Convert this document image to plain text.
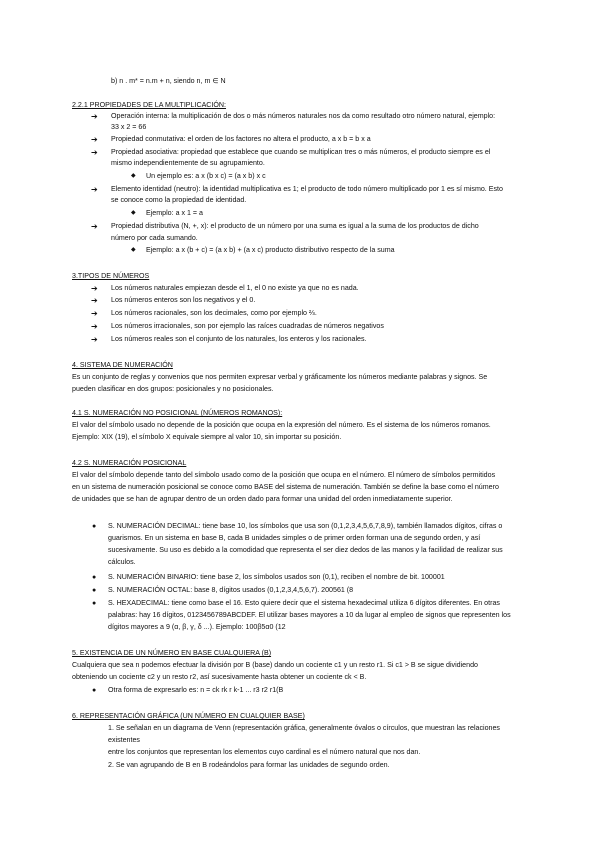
b) n . m* = n.m + n, siendo n, m ∈ N
2.2.1 PROPIEDADES DE LA MULTIPLICACIÓN:
➔ Operación interna: la multiplicación de dos o más números naturales nos da como resultado otro número natural, ejemplo:
33 x 2 = 66
➔ Propiedad conmutativa: el orden de los factores no altera el producto, a x b = b x a
➔ Propiedad asociativa: propiedad que establece que cuando se multiplican tres o más números, el producto siempre es el
mismo independientemente de su agrupamiento.
◆ Un ejemplo es: a x (b x c) = (a x b) x c
➔ Elemento identidad (neutro): la identidad multiplicativa es 1; el producto de todo número multiplicado por 1 es sí mismo. Esto
se conoce como la propiedad de identidad.
◆ Ejemplo: a x 1 = a
➔ Propiedad distributiva (N, +, x): el producto de un número por una suma es igual a la suma de los productos de dicho
número por cada sumando.
◆ Ejemplo: a x (b + c) = (a x b) + (a x c) producto distributivo respecto de la suma
3.TIPOS DE NÚMEROS
➔ Los números naturales empiezan desde el 1, el 0 no existe ya que no es nada.
➔ Los números enteros son los negativos y el 0.
➔ Los números racionales, son los decimales, como por ejemplo ⅔.
➔ Los números irracionales, son por ejemplo las raíces cuadradas de números negativos
➔ Los números reales son el conjunto de los naturales, los enteros y los racionales.
4. SISTEMA DE NUMERACIÓN
Es un conjunto de reglas y convenios que nos permiten expresar verbal y gráficamente los números mediante palabras y signos. Se
pueden clasificar en dos grupos: posicionales y no posicionales.
4.1 S. NUMERACIÓN NO POSICIONAL (NÚMEROS ROMANOS):
El valor del símbolo usado no depende de la posición que ocupa en la expresión del número. Es el sistema de los números romanos.
Ejemplo: XIX (19), el símbolo X equivale siempre al valor 10, sin importar su posición.
4.2 S. NUMERACIÓN POSICIONAL
El valor del símbolo depende tanto del símbolo usado como de la posición que ocupa en el número. El número de símbolos permitidos
en un sistema de numeración posicional se conoce como BASE del sistema de numeración. También se define la base como el número
de unidades que se han de agrupar dentro de un orden dado para formar una unidad del orden inmediatamente superior.
● S. NUMERACIÓN DECIMAL: tiene base 10, los símbolos que usa son (0,1,2,3,4,5,6,7,8,9), también llamados dígitos, cifras o
guarismos. En un sistema en base B, cada B unidades simples o de primer orden forman una de segundo orden, y así
sucesivamente. Su uso es debido a la comodidad que representa el ser diez dedos de las manos y la facilidad de realizar sus
cálculos.
● S. NUMERACIÓN BINARIO: tiene base 2, los símbolos usados son (0,1), reciben el nombre de bit. 100001
● S. NUMERACIÓN OCTAL: base 8, dígitos usados (0,1,2,3,4,5,6,7). 200561 (8
● S. HEXADECIMAL: tiene como base el 16. Esto quiere decir que el sistema hexadecimal utiliza 6 dígitos diferentes. En otras
palabras: hay 16 dígitos, 0123456789ABCDEF. El utilizar bases mayores a 10 da lugar al empleo de signos que representen los
dígitos mayores a 9 (α, β, γ, δ ...). Ejemplo: 100β5α0 (12
5. EXISTENCIA DE UN NÚMERO EN BASE CUALQUIERA (B)
Cualquiera que sea n podemos efectuar la división por B (base) dando un cociente c1 y un resto r1. Si c1 > B se sigue dividiendo
obteniendo un cociente c2 y un resto r2, así sucesivamente hasta obtener un cociente ck < B.
● Otra forma de expresarlo es: n = ck rk r k-1 ... r3 r2 r1(B
6. REPRESENTACIÓN GRÁFICA (UN NÚMERO EN CUALQUIER BASE)
1. Se señalan en un diagrama de Venn (representación gráfica, generalmente óvalos o círculos, que muestran las relaciones
existentes
entre los conjuntos que representan los elementos cuyo cardinal es el número natural que nos dan.
2. Se van agrupando de B en B rodeándolos para formar las unidades de segundo orden.
